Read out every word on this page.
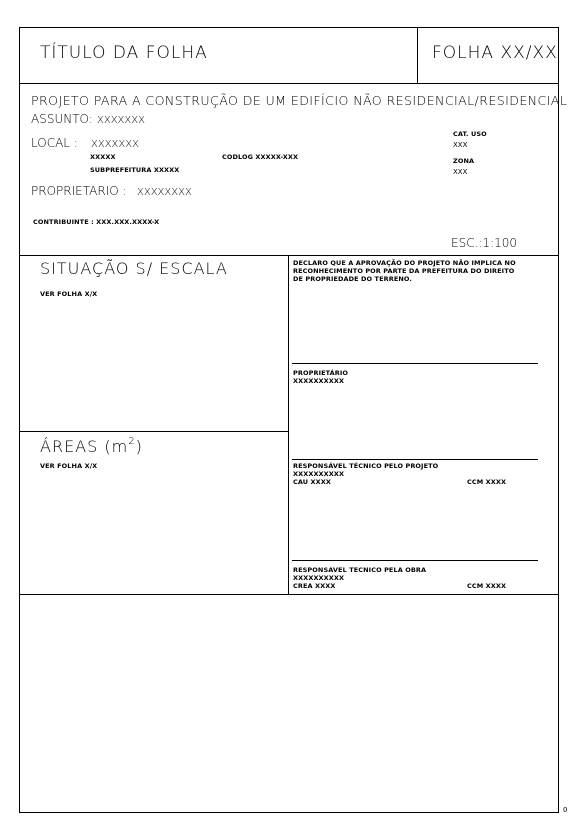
TÍTULO DA FOLHA	FOLHA XX/XX
PROJETO PARA A CONSTRUÇÃO DE UM EDIFÍCIO NÃO RESIDENCIAL/RESIDENCIAL
ASSUNTO: XXXXXXX
LOCAL : XXXXXXX
XXXXX
SUBPREFEITURA XXXXX
CODLOG XXXXX-XXX
CAT. USO
XXX
ZONA
XXX
PROPRIETARIO : XXXXXXXX
CONTRIBUINTE : XXX.XXX.XXXX-X
ESC.:1:100
SITUAÇÃO S/ ESCALA
VER FOLHA X/X
ÁREAS $(m^2)$
VER FOLHA X/X
DECLARO QUE A APROVAÇÃO DO PROJETO NÃO IMPLICA NO
RECONHECIMENTO POR PARTE DA PREFEITURA DO DIREITO
DE PROPRIEDADE DO TERRENO.
PROPRIETÁRIO
XXXXXXXXXX
RESPONSÁVEL TÉCNICO PELO PROJETO
XXXXXXXXXX
CAU XXXX	CCM XXXX
RESPONSAVEL TECNICO PELA OBRA
XXXXXXXXXX
CREA XXXX	CCM XXXX
0
